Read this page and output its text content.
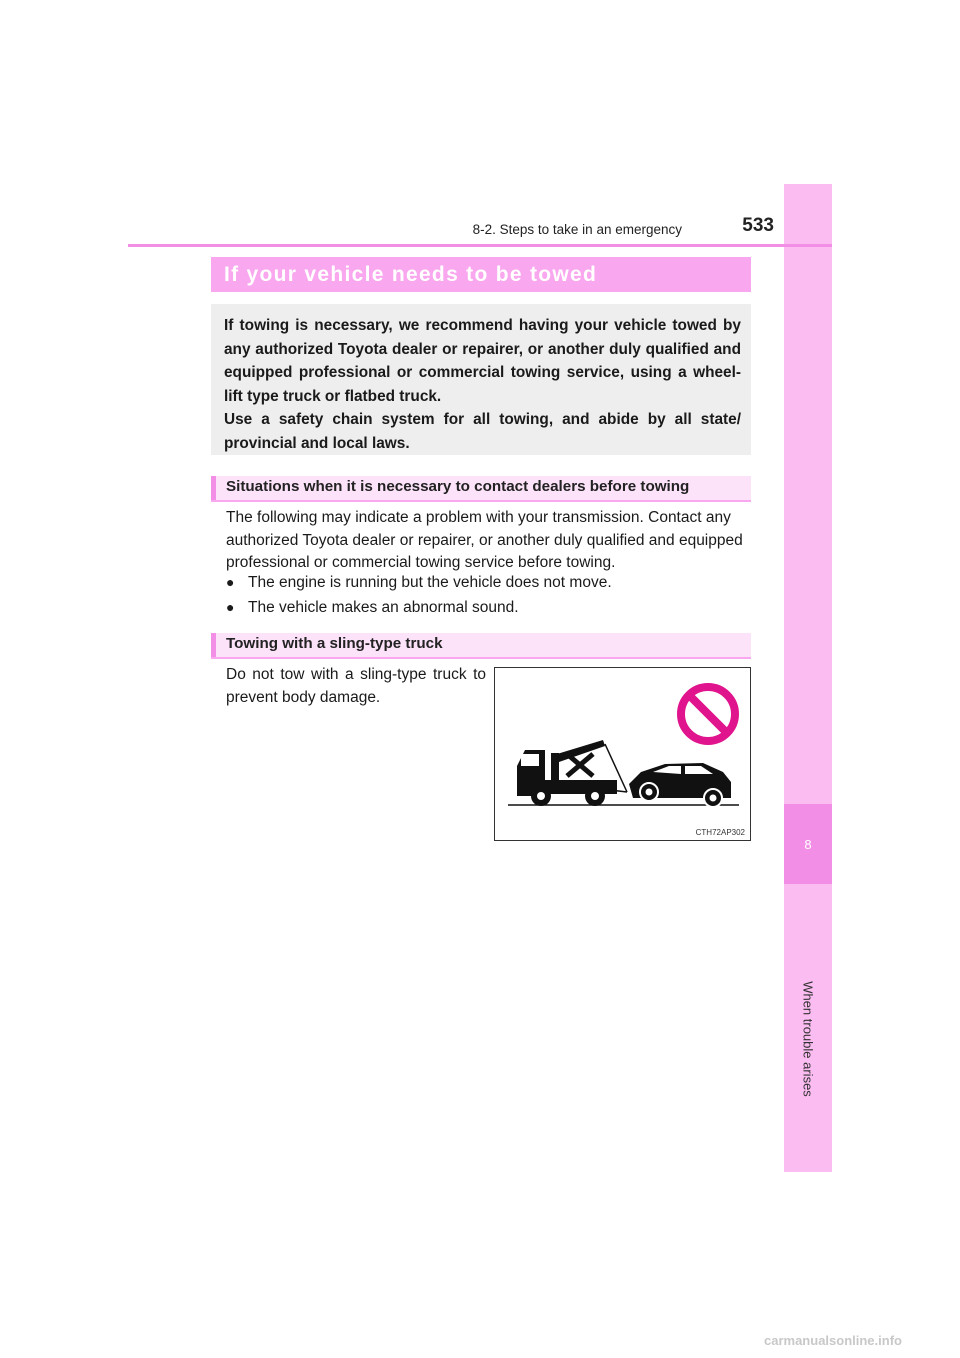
8
When trouble arises
8-2. Steps to take in an emergency	533
If your vehicle needs to be towed

If towing is necessary, we recommend having your vehicle towed by any authorized Toyota dealer or repairer, or another duly qualified and equipped professional or commercial towing service, using a wheel-lift type truck or flatbed truck.

Use a safety chain system for all towing, and abide by all state/ provincial and local laws.

Situations when it is necessary to contact dealers before towing

The following may indicate a problem with your transmission. Contact any authorized Toyota dealer or repairer, or another duly qualified and equipped professional or commercial towing service before towing.

● The engine is running but the vehicle does not move.
● The vehicle makes an abnormal sound.
Towing with a sling-type truck

Do not tow with a sling-type truck to prevent body damage.

CTH72AP302
carmanualsonline.info
